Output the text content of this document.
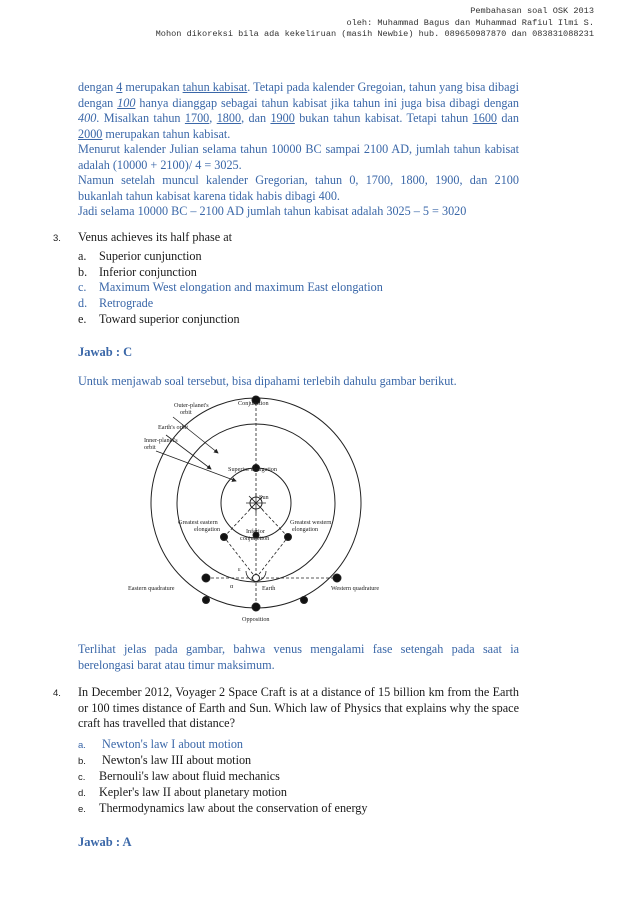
Pembahasan soal OSK 2013
oleh: Muhammad Bagus dan Muhammad Rafiul Ilmi S.
Mohon dikoreksi bila ada kekeliruan (masih Newbie) hub. 089650987870 dan 083831088231
dengan 4 merupakan tahun kabisat. Tetapi pada kalender Gregoian, tahun yang bisa dibagi dengan 100 hanya dianggap sebagai tahun kabisat jika tahun ini juga bisa dibagi dengan 400. Misalkan tahun 1700, 1800, dan 1900 bukan tahun kabisat. Tetapi tahun 1600 dan 2000 merupakan tahun kabisat.
Menurut kalender Julian selama tahun 10000 BC sampai 2100 AD, jumlah tahun kabisat adalah (10000 + 2100)/ 4 = 3025.
Namun setelah muncul kalender Gregorian, tahun 0, 1700, 1800, 1900, dan 2100 bukanlah tahun kabisat karena tidak habis dibagi 400.
Jadi selama 10000 BC – 2100 AD jumlah tahun kabisat adalah 3025 – 5 = 3020
3. Venus achieves its half phase at
a. Superior cunjunction
b. Inferior conjunction
c. Maximum West elongation and maximum East elongation
d. Retrograde
e. Toward superior conjunction
Jawab : C
Untuk menjawab soal tersebut, bisa dipahami terlebih dahulu gambar berikut.
Outer-planet's
orbit
Earth's orbit
Inner-planet's
orbit
Conjunction
Superior elongation
Sun
Greatest eastern
elongation
Greatest western
elongation
Inferior
conjunction
Eastern quadrature	Earth	Western quadrature
Opposition
α
ε
Terlihat jelas pada gambar, bahwa venus mengalami fase setengah pada saat ia berelongasi barat atau timur maksimum.
4. In December 2012, Voyager 2 Space Craft is at a distance of 15 billion km from the Earth or 100 times distance of Earth and Sun. Which law of Physics that explains why the space craft has travelled that distance?
a. Newton's law I about motion
b. Newton's law III about motion
c. Bernouli's law about fluid mechanics
d. Kepler's law II about planetary motion
e. Thermodynamics law about the conservation of energy
Jawab : A
